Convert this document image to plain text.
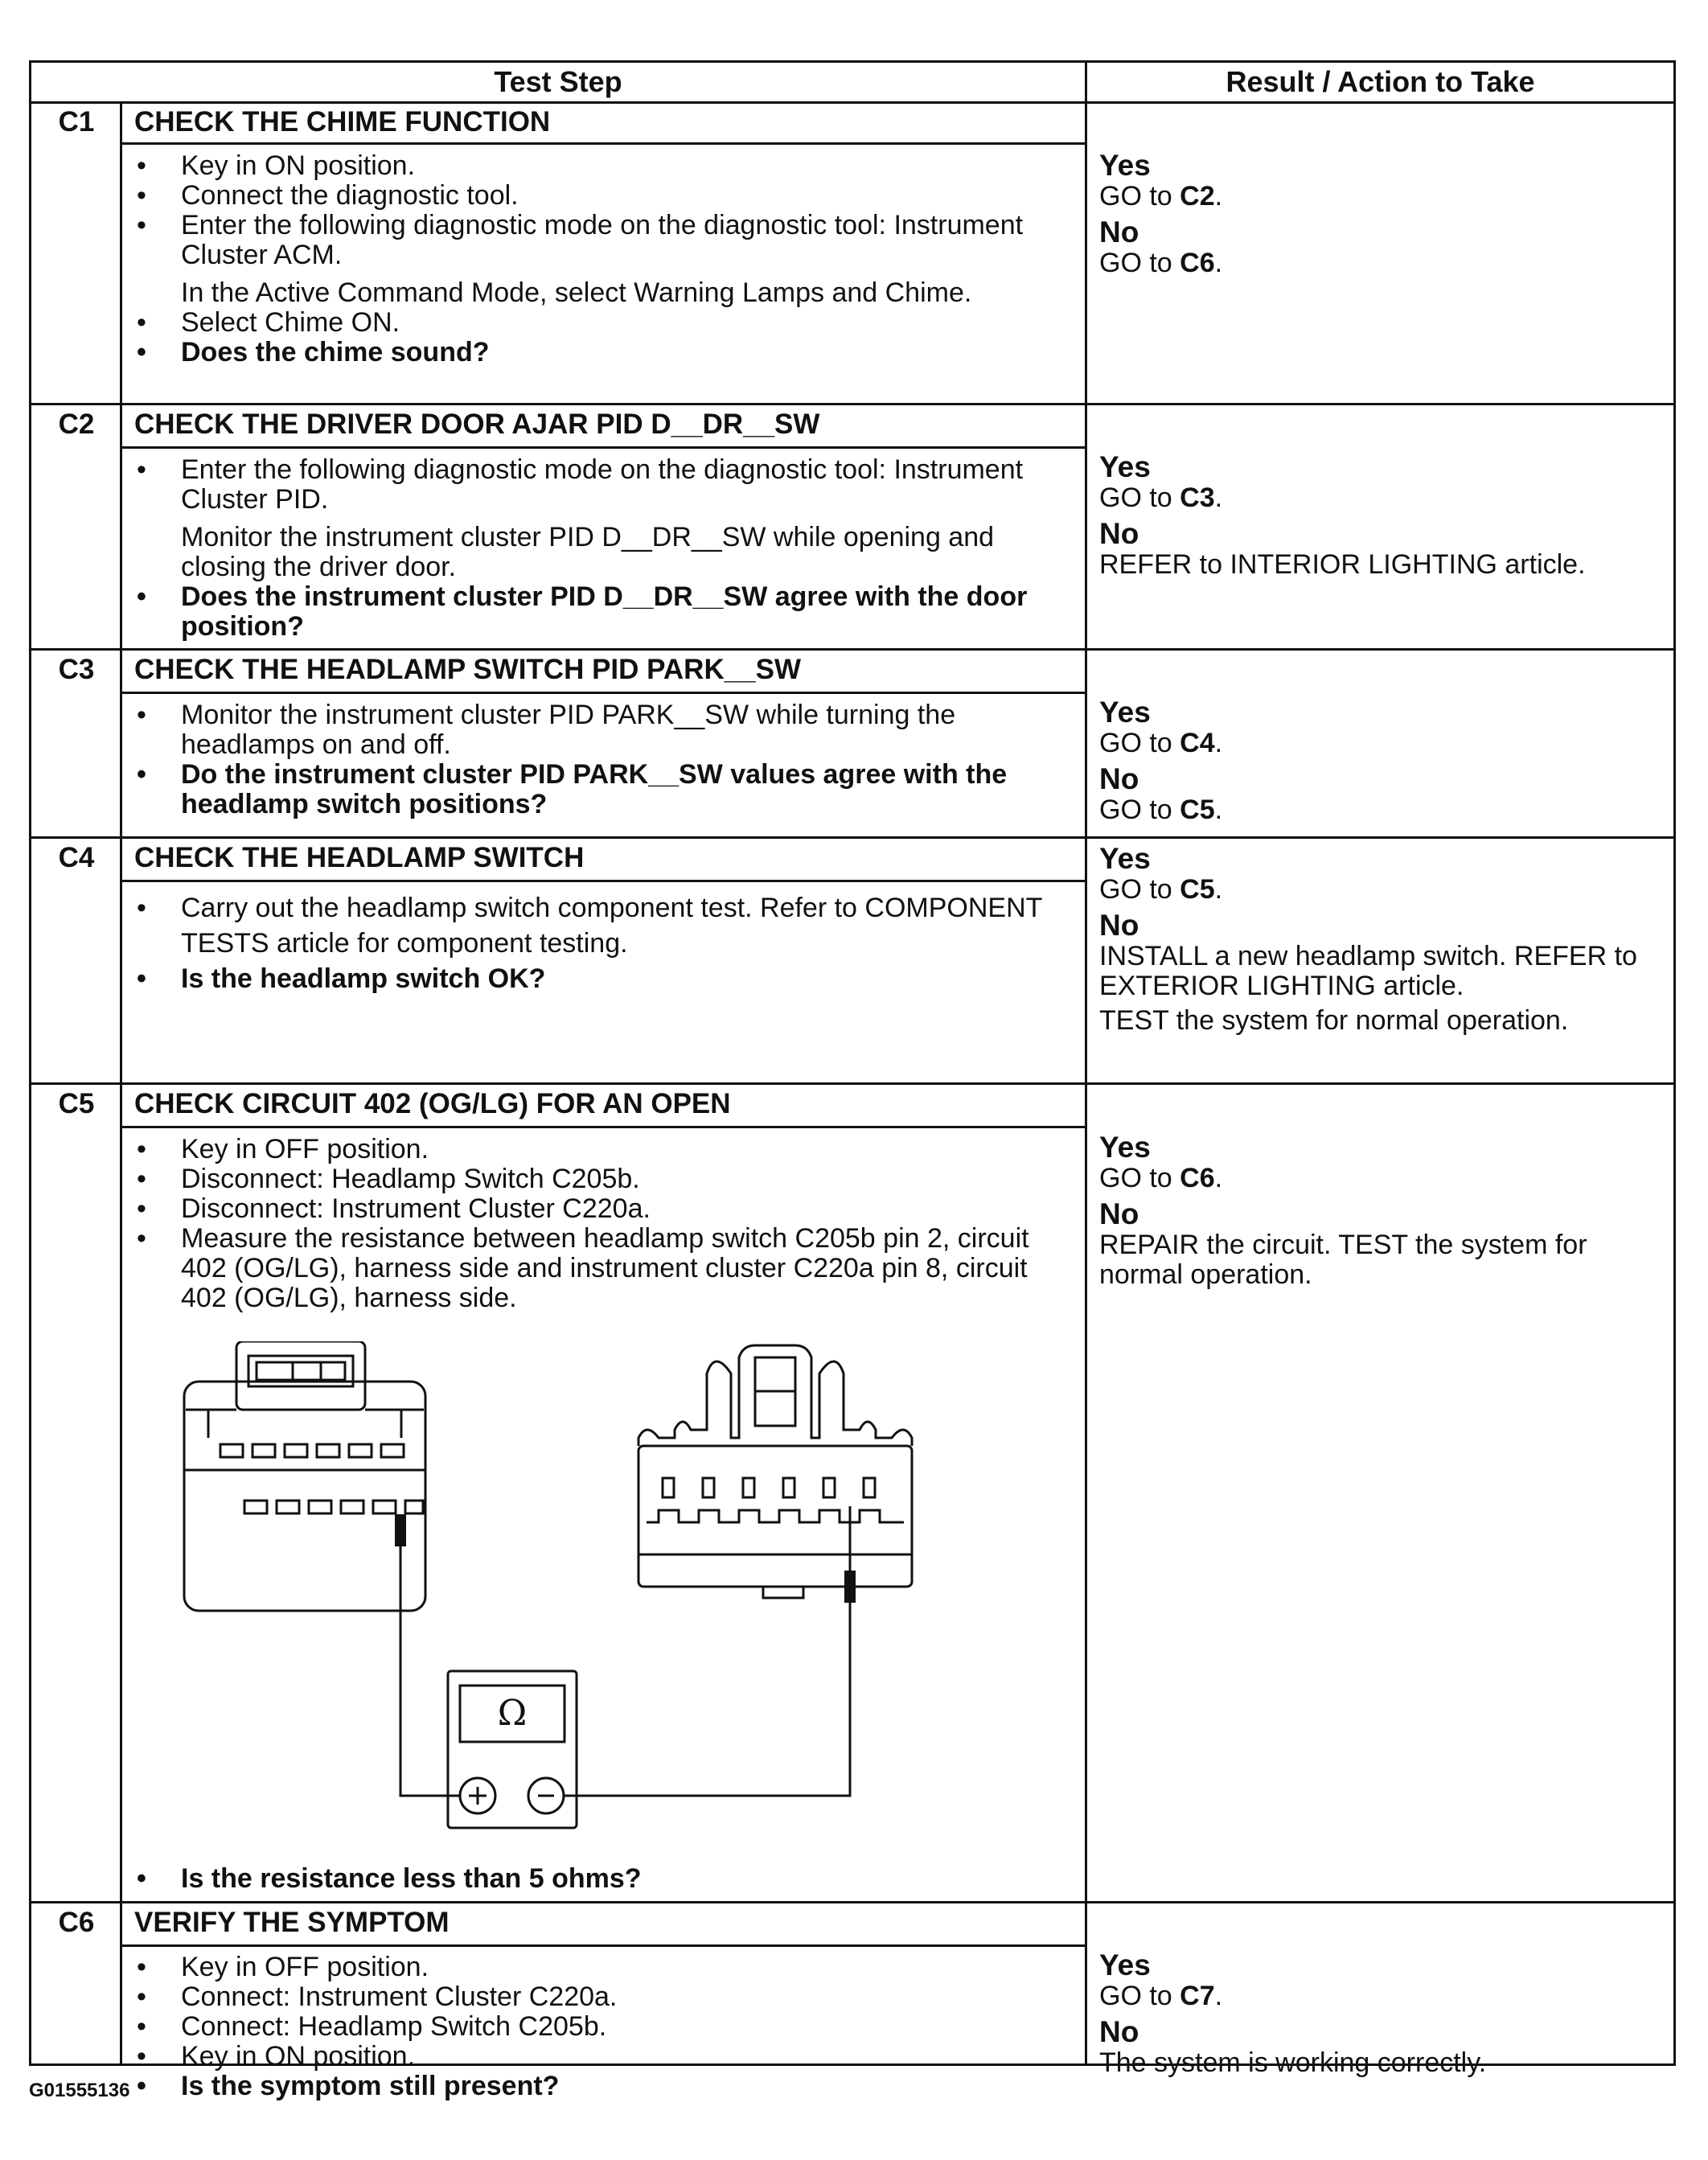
Test Step	Result / Action to Take
C1	CHECK THE CHIME FUNCTION
• Key in ON position.
• Connect the diagnostic tool.
• Enter the following diagnostic mode on the diagnostic tool: Instrument Cluster ACM.
In the Active Command Mode, select Warning Lamps and Chime.
• Select Chime ON.
• Does the chime sound?
Yes
GO to C2.
No
GO to C6.
C2	CHECK THE DRIVER DOOR AJAR PID D__DR__SW
• Enter the following diagnostic mode on the diagnostic tool: Instrument Cluster PID.
Monitor the instrument cluster PID D__DR__SW while opening and closing the driver door.
• Does the instrument cluster PID D__DR__SW agree with the door position?
Yes
GO to C3.
No
REFER to INTERIOR LIGHTING article.
C3	CHECK THE HEADLAMP SWITCH PID PARK__SW
• Monitor the instrument cluster PID PARK__SW while turning the headlamps on and off.
• Do the instrument cluster PID PARK__SW values agree with the headlamp switch positions?
Yes
GO to C4.
No
GO to C5.
C4	CHECK THE HEADLAMP SWITCH
• Carry out the headlamp switch component test. Refer to COMPONENT TESTS article for component testing.
• Is the headlamp switch OK?
Yes
GO to C5.
No
INSTALL a new headlamp switch. REFER to EXTERIOR LIGHTING article.
TEST the system for normal operation.
C5	CHECK CIRCUIT 402 (OG/LG) FOR AN OPEN
• Key in OFF position.
• Disconnect: Headlamp Switch C205b.
• Disconnect: Instrument Cluster C220a.
• Measure the resistance between headlamp switch C205b pin 2, circuit 402 (OG/LG), harness side and instrument cluster C220a pin 8, circuit 402 (OG/LG), harness side.
Ω
• Is the resistance less than 5 ohms?
Yes
GO to C6.
No
REPAIR the circuit. TEST the system for normal operation.
C6	VERIFY THE SYMPTOM
• Key in OFF position.
• Connect: Instrument Cluster C220a.
• Connect: Headlamp Switch C205b.
• Key in ON position.
• Is the symptom still present?
Yes
GO to C7.
No
The system is working correctly.
G01555136
